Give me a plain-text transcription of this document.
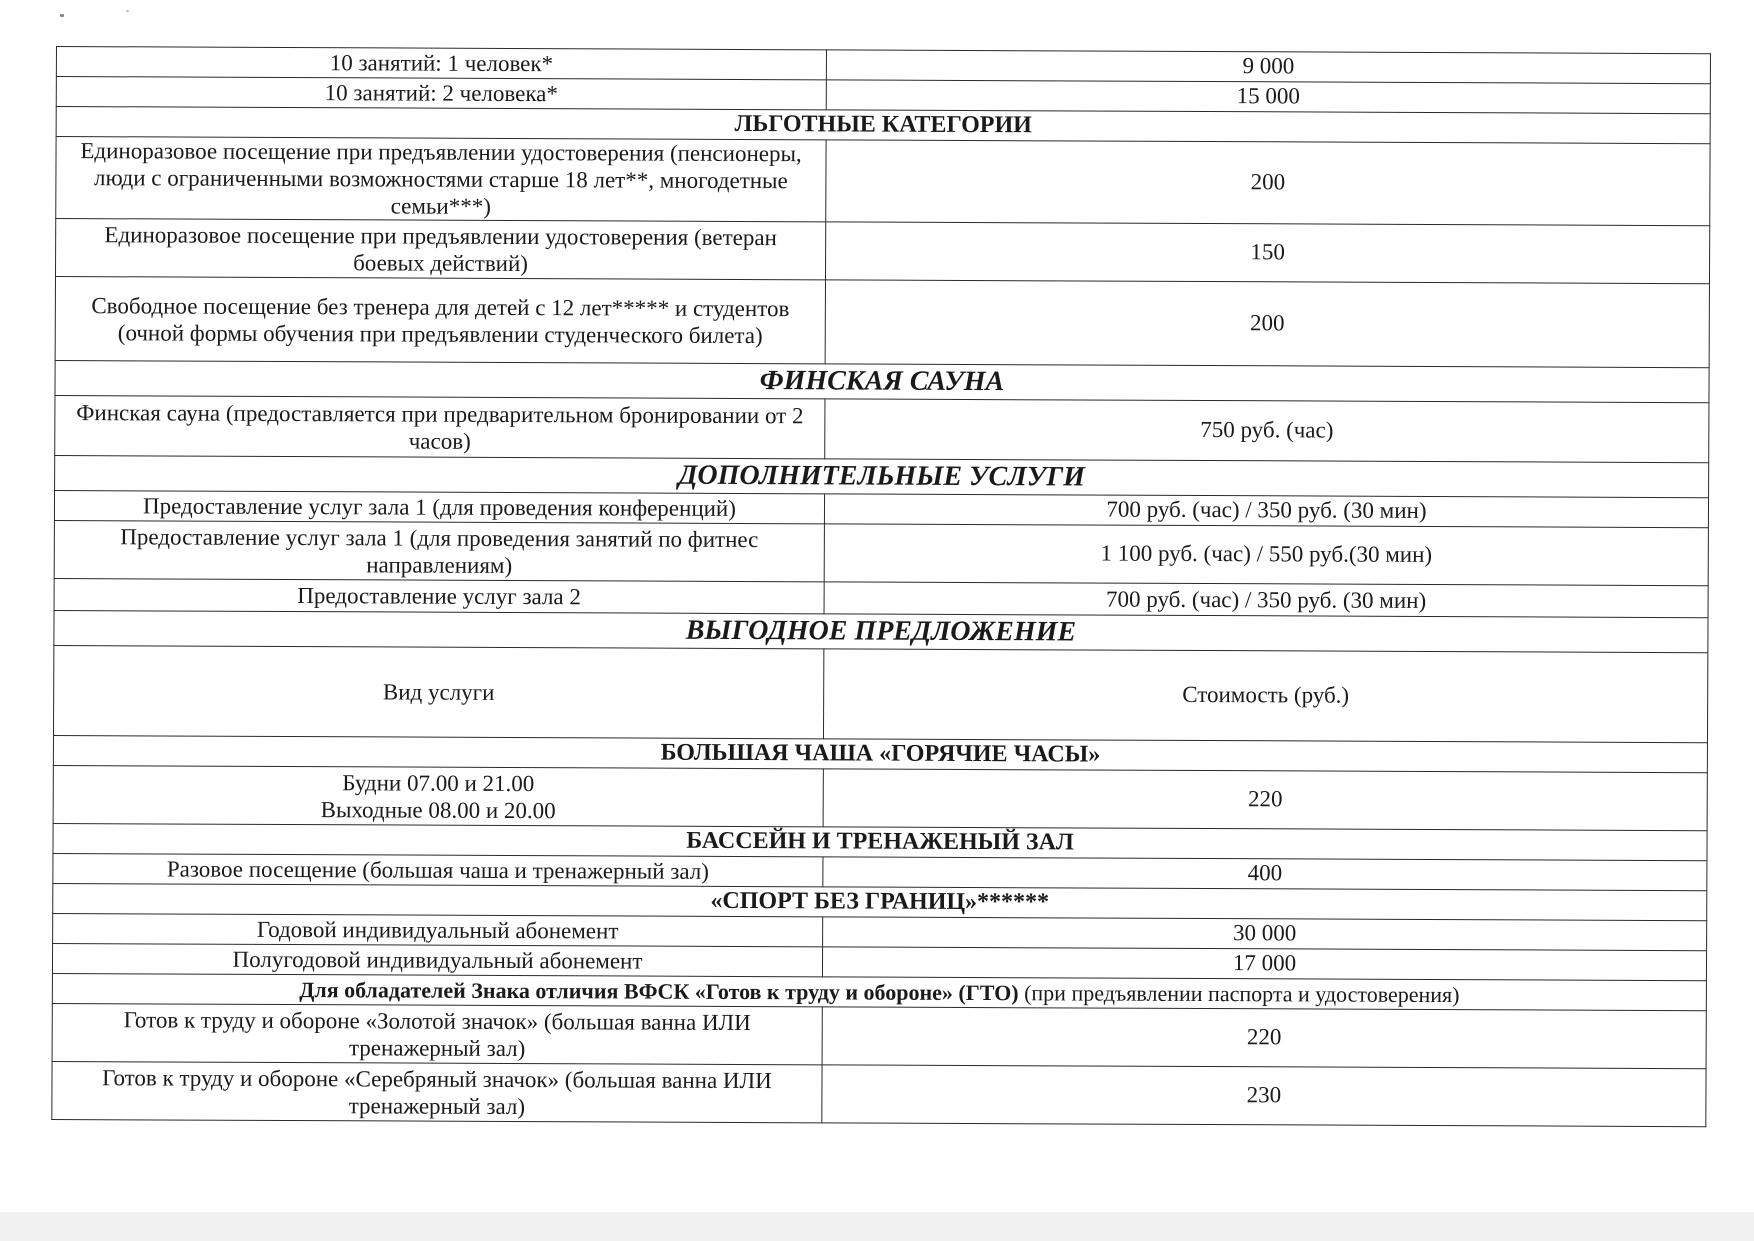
10 занятий: 1 человек*	9 000
10 занятий: 2 человека*	15 000
ЛЬГОТНЫЕ КАТЕГОРИИ	
Единоразовое посещение при предъявлении удостоверения (пенсионеры, люди с ограниченными возможностями старше 18 лет**, многодетные семьи***)	200
Единоразовое посещение при предъявлении удостоверения (ветеран боевых действий)	150
Свободное посещение без тренера для детей с 12 лет***** и студентов (очной формы обучения при предъявлении студенческого билета)	200
ФИНСКАЯ САУНА	
Финская сауна (предоставляется при предварительном бронировании от 2 часов)	750 руб. (час)
ДОПОЛНИТЕЛЬНЫЕ УСЛУГИ	
Предоставление услуг зала 1 (для проведения конференций)	700 руб. (час) / 350 руб. (30 мин)
Предоставление услуг зала 1 (для проведения занятий по фитнес направлениям)	1 100 руб. (час) / 550 руб.(30 мин)
Предоставление услуг зала 2	700 руб. (час) / 350 руб. (30 мин)
ВЫГОДНОЕ ПРЕДЛОЖЕНИЕ	
Вид услуги	Стоимость (руб.)
БОЛЬШАЯ ЧАША «ГОРЯЧИЕ ЧАСЫ»	
Будни 07.00 и 21.00
Выходные 08.00 и 20.00	220
БАССЕЙН И ТРЕНАЖЕНЫЙ ЗАЛ	
Разовое посещение (большая чаша и тренажерный зал)	400
«СПОРТ БЕЗ ГРАНИЦ»******	
Годовой индивидуальный абонемент	30 000
Полугодовой индивидуальный абонемент	17 000
Для обладателей Знака отличия ВФСК «Готов к труду и обороне» (ГТО) (при предъявлении паспорта и удостоверения)	
Готов к труду и обороне «Золотой значок» (большая ванна ИЛИ тренажерный зал)	220
Готов к труду и обороне «Серебряный значок» (большая ванна ИЛИ тренажерный зал)	230
